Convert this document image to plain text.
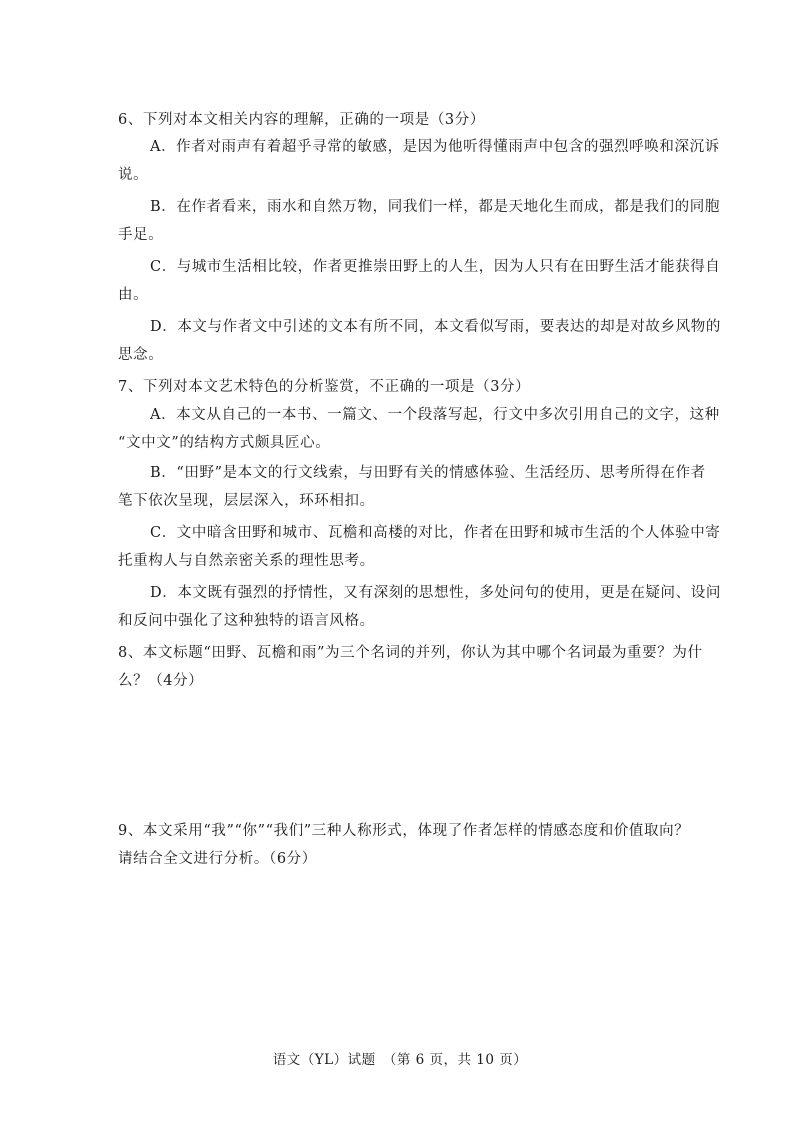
6、下列对本文相关内容的理解，正确的一项是（3分）
A．作者对雨声有着超乎寻常的敏感，是因为他听得懂雨声中包含的强烈呼唤和深沉诉
说。
B．在作者看来，雨水和自然万物，同我们一样，都是天地化生而成，都是我们的同胞
手足。
C．与城市生活相比较，作者更推崇田野上的人生，因为人只有在田野生活才能获得自
由。
D．本文与作者文中引述的文本有所不同，本文看似写雨，要表达的却是对故乡风物的
思念。
7、下列对本文艺术特色的分析鉴赏，不正确的一项是（3分）
A．本文从自己的一本书、一篇文、一个段落写起，行文中多次引用自己的文字，这种
“文中文”的结构方式颇具匠心。
B．“田野”是本文的行文线索，与田野有关的情感体验、生活经历、思考所得在作者
笔下依次呈现，层层深入，环环相扣。
C．文中暗含田野和城市、瓦檐和高楼的对比，作者在田野和城市生活的个人体验中寄
托重构人与自然亲密关系的理性思考。
D．本文既有强烈的抒情性，又有深刻的思想性，多处问句的使用，更是在疑问、设问
和反问中强化了这种独特的语言风格。
8、本文标题“田野、瓦檐和雨”为三个名词的并列，你认为其中哪个名词最为重要？为什
么？（4分）
9、本文采用“我”“你”“我们”三种人称形式，体现了作者怎样的情感态度和价值取向？
请结合全文进行分析。（6分）
语文（YL）试题　（第 6 页，共 10 页）
